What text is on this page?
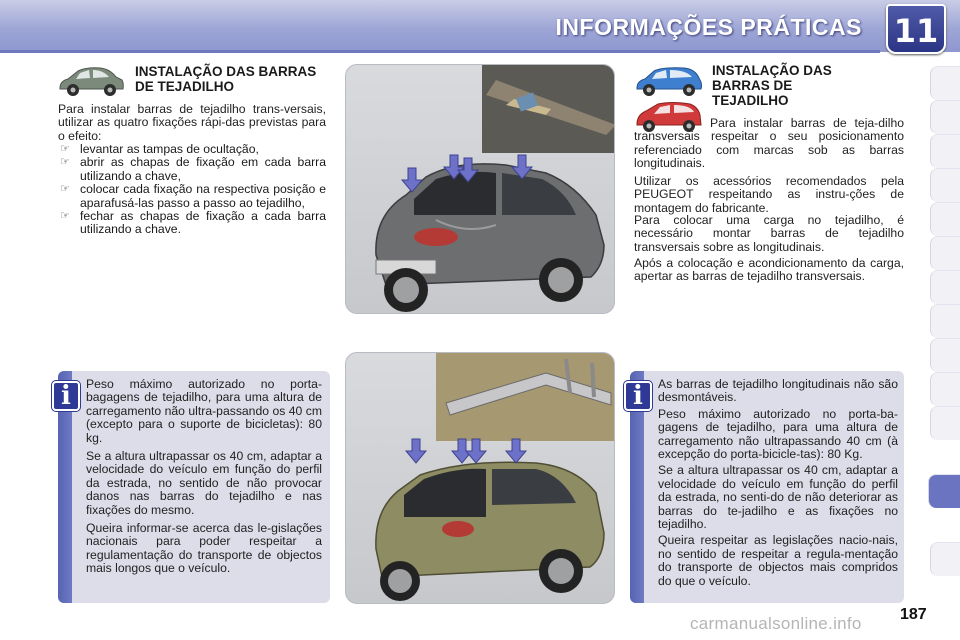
INFORMAÇÕES PRÁTICAS 11
INSTALAÇÃO DAS BARRAS DE TEJADILHO
Para instalar barras de tejadilho trans-versais, utilizar as quatro fixações rápi-das previstas para o efeito:
☞ levantar as tampas de ocultação,
☞ abrir as chapas de fixação em cada barra utilizando a chave,
☞ colocar cada fixação na respectiva posição e aparafusá-las passo a passo ao tejadilho,
☞ fechar as chapas de fixação a cada barra utilizando a chave.
INSTALAÇÃO DAS BARRAS DE TEJADILHO
Para instalar barras de teja-dilho transversais respeitar o seu posicionamento referenciado com marcas sob as barras longitudinais.
Utilizar os acessórios recomendados pela PEUGEOT respeitando as instru-ções de montagem do fabricante.
Para colocar uma carga no tejadilho, é necessário montar barras de tejadilho transversais sobre as longitudinais.
Após a colocação e acondicionamento da carga, apertar as barras de tejadilho transversais.

Peso máximo autorizado no porta-bagagens de tejadilho, para uma altura de carregamento não ultra-passando os 40 cm (excepto para o suporte de bicicletas): 80 kg.

Se a altura ultrapassar os 40 cm, adaptar a velocidade do veículo em função do perfil da estrada, no sentido de não provocar danos nas barras do tejadilho e nas fixações do mesmo.

Queira informar-se acerca das le-gislações nacionais para poder respeitar a regulamentação do transporte de objectos mais longos que o veículo.

i	As barras de tejadilho longitudinais não são desmontáveis.

Peso máximo autorizado no porta-ba-gagens de tejadilho, para uma altura de carregamento não ultrapassando 40 cm (à excepção do porta-bicicle-tas): 80 Kg.

Se a altura ultrapassar os 40 cm, adaptar a velocidade do veículo em função do perfil da estrada, no senti-do de não deteriorar as barras do te-jadilho e as fixações no tejadilho.

Queira respeitar as legislações nacio-nais, no sentido de respeitar a regula-mentação do transporte de objectos mais compridos do que o veículo.

i
carmanualsonline.info 187
